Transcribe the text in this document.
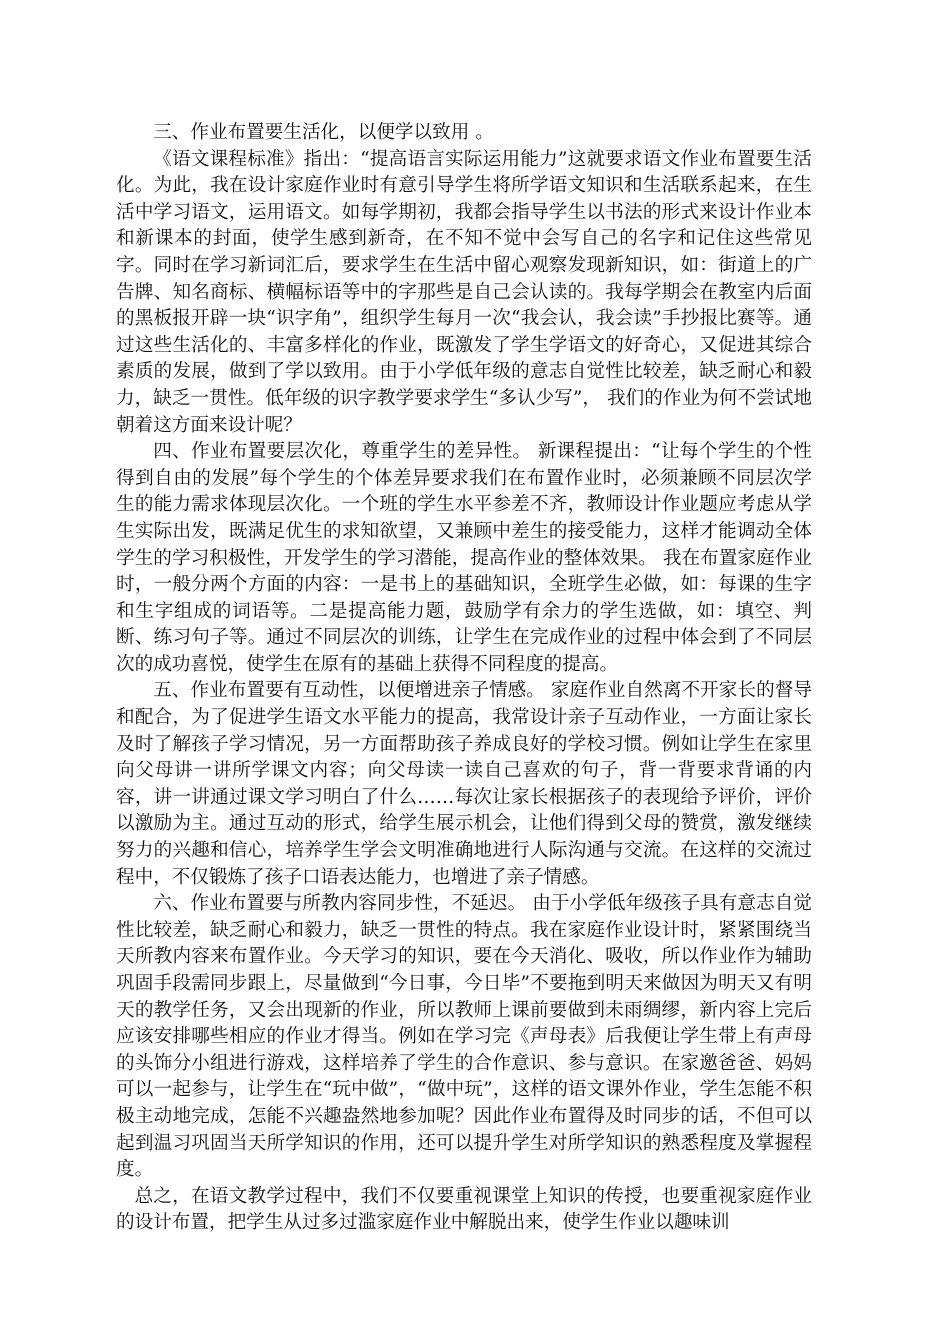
三、作业布置要生活化，以便学以致用 。

《语文课程标准》指出：“提高语言实际运用能力”这就要求语文作业布置要生活化。为此，我在设计家庭作业时有意引导学生将所学语文知识和生活联系起来，在生活中学习语文，运用语文。如每学期初，我都会指导学生以书法的形式来设计作业本和新课本的封面，使学生感到新奇，在不知不觉中会写自己的名字和记住这些常见字。同时在学习新词汇后，要求学生在生活中留心观察发现新知识，如：街道上的广告牌、知名商标、横幅标语等中的字那些是自己会认读的。我每学期会在教室内后面的黑板报开辟一块“识字角”，组织学生每月一次“我会认，我会读”手抄报比赛等。通过这些生活化的、丰富多样化的作业，既激发了学生学语文的好奇心，又促进其综合素质的发展，做到了学以致用。由于小学低年级的意志自觉性比较差，缺乏耐心和毅力，缺乏一贯性。低年级的识字教学要求学生“多认少写”， 我们的作业为何不尝试地朝着这方面来设计呢？

四、作业布置要层次化，尊重学生的差异性。 新课程提出：“让每个学生的个性得到自由的发展”每个学生的个体差异要求我们在布置作业时，必须兼顾不同层次学生的能力需求体现层次化。一个班的学生水平参差不齐，教师设计作业题应考虑从学生实际出发，既满足优生的求知欲望，又兼顾中差生的接受能力，这样才能调动全体学生的学习积极性，开发学生的学习潜能，提高作业的整体效果。 我在布置家庭作业时，一般分两个方面的内容：一是书上的基础知识，全班学生必做，如：每课的生字和生字组成的词语等。二是提高能力题，鼓励学有余力的学生选做，如：填空、判断、练习句子等。通过不同层次的训练，让学生在完成作业的过程中体会到了不同层次的成功喜悦，使学生在原有的基础上获得不同程度的提高。

五、作业布置要有互动性，以便增进亲子情感。 家庭作业自然离不开家长的督导和配合，为了促进学生语文水平能力的提高，我常设计亲子互动作业，一方面让家长及时了解孩子学习情况，另一方面帮助孩子养成良好的学校习惯。例如让学生在家里向父母讲一讲所学课文内容；向父母读一读自己喜欢的句子，背一背要求背诵的内容，讲一讲通过课文学习明白了什么……每次让家长根据孩子的表现给予评价，评价以激励为主。通过互动的形式，给学生展示机会，让他们得到父母的赞赏，激发继续努力的兴趣和信心，培养学生学会文明准确地进行人际沟通与交流。在这样的交流过程中，不仅锻炼了孩子口语表达能力，也增进了亲子情感。

六、作业布置要与所教内容同步性，不延迟。 由于小学低年级孩子具有意志自觉性比较差，缺乏耐心和毅力，缺乏一贯性的特点。我在家庭作业设计时，紧紧围绕当天所教内容来布置作业。今天学习的知识，要在今天消化、吸收，所以作业作为辅助巩固手段需同步跟上，尽量做到“今日事，今日毕”不要拖到明天来做因为明天又有明天的教学任务，又会出现新的作业，所以教师上课前要做到未雨绸缪，新内容上完后应该安排哪些相应的作业才得当。例如在学习完《声母表》后我便让学生带上有声母的头饰分小组进行游戏，这样培养了学生的合作意识、参与意识。在家邀爸爸、妈妈可以一起参与，让学生在“玩中做”，“做中玩”，这样的语文课外作业，学生怎能不积极主动地完成，怎能不兴趣盎然地参加呢？因此作业布置得及时同步的话，不但可以起到温习巩固当天所学知识的作用，还可以提升学生对所学知识的熟悉程度及掌握程度。

总之，在语文教学过程中，我们不仅要重视课堂上知识的传授，也要重视家庭作业的设计布置，把学生从过多过滥家庭作业中解脱出来，使学生作业以趣味训
